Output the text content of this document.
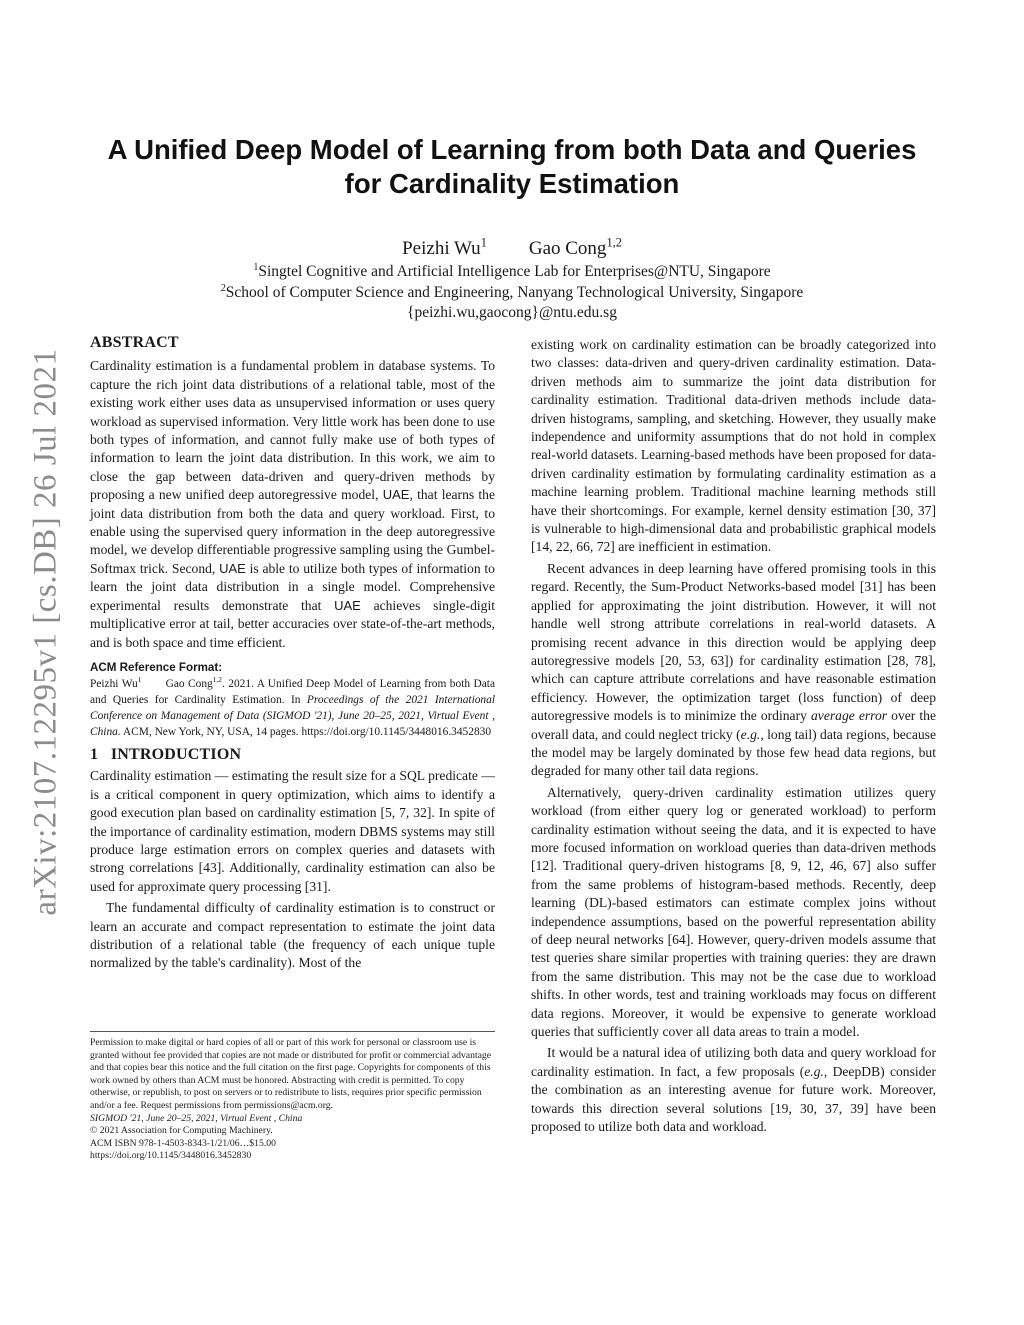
arXiv:2107.12295v1 [cs.DB] 26 Jul 2021
A Unified Deep Model of Learning from both Data and Queries
for Cardinality Estimation
Peizhi Wu$^1$ Gao Cong$^{1,2}$
$^1$Singtel Cognitive and Artificial Intelligence Lab for Enterprises@NTU, Singapore
$^2$School of Computer Science and Engineering, Nanyang Technological University, Singapore
{peizhi.wu,gaocong}@ntu.edu.sg

ABSTRACT

Cardinality estimation is a fundamental problem in database systems. To capture the rich joint data distributions of a relational table, most of the existing work either uses data as unsupervised information or uses query workload as supervised information. Very little work has been done to use both types of information, and cannot fully make use of both types of information to learn the joint data distribution. In this work, we aim to close the gap between data-driven and query-driven methods by proposing a new unified deep autoregressive model, UAE, that learns the joint data distribution from both the data and query workload. First, to enable using the supervised query information in the deep autoregressive model, we develop differentiable progressive sampling using the Gumbel-Softmax trick. Second, UAE is able to utilize both types of information to learn the joint data distribution in a single model. Comprehensive experimental results demonstrate that UAE achieves single-digit multiplicative error at tail, better accuracies over state-of-the-art methods, and is both space and time efficient.

ACM Reference Format:
Peizhi Wu$^1$ Gao Cong$^{1,2}$. 2021. A Unified Deep Model of Learning from both Data and Queries for Cardinality Estimation. In Proceedings of the 2021 International Conference on Management of Data (SIGMOD '21), June 20–25, 2021, Virtual Event , China. ACM, New York, NY, USA, 14 pages. https://doi.org/10.1145/3448016.3452830

1 INTRODUCTION

Cardinality estimation — estimating the result size for a SQL predicate — is a critical component in query optimization, which aims to identify a good execution plan based on cardinality estimation [5, 7, 32]. In spite of the importance of cardinality estimation, modern DBMS systems may still produce large estimation errors on complex queries and datasets with strong correlations [43]. Additionally, cardinality estimation can also be used for approximate query processing [31].

The fundamental difficulty of cardinality estimation is to construct or learn an accurate and compact representation to estimate the joint data distribution of a relational table (the frequency of each unique tuple normalized by the table's cardinality). Most of the

Permission to make digital or hard copies of all or part of this work for personal or classroom use is granted without fee provided that copies are not made or distributed for profit or commercial advantage and that copies bear this notice and the full citation on the first page. Copyrights for components of this work owned by others than ACM must be honored. Abstracting with credit is permitted. To copy otherwise, or republish, to post on servers or to redistribute to lists, requires prior specific permission and/or a fee. Request permissions from permissions@acm.org.

SIGMOD '21, June 20–25, 2021, Virtual Event , China

© 2021 Association for Computing Machinery.

ACM ISBN 978-1-4503-8343-1/21/06…$15.00

https://doi.org/10.1145/3448016.3452830

existing work on cardinality estimation can be broadly categorized into two classes: data-driven and query-driven cardinality estimation. Data-driven methods aim to summarize the joint data distribution for cardinality estimation. Traditional data-driven methods include data-driven histograms, sampling, and sketching. However, they usually make independence and uniformity assumptions that do not hold in complex real-world datasets. Learning-based methods have been proposed for data-driven cardinality estimation by formulating cardinality estimation as a machine learning problem. Traditional machine learning methods still have their shortcomings. For example, kernel density estimation [30, 37] is vulnerable to high-dimensional data and probabilistic graphical models [14, 22, 66, 72] are inefficient in estimation.

Recent advances in deep learning have offered promising tools in this regard. Recently, the Sum-Product Networks-based model [31] has been applied for approximating the joint distribution. However, it will not handle well strong attribute correlations in real-world datasets. A promising recent advance in this direction would be applying deep autoregressive models [20, 53, 63]) for cardinality estimation [28, 78], which can capture attribute correlations and have reasonable estimation efficiency. However, the optimization target (loss function) of deep autoregressive models is to minimize the ordinary average error over the overall data, and could neglect tricky (e.g., long tail) data regions, because the model may be largely dominated by those few head data regions, but degraded for many other tail data regions.

Alternatively, query-driven cardinality estimation utilizes query workload (from either query log or generated workload) to perform cardinality estimation without seeing the data, and it is expected to have more focused information on workload queries than data-driven methods [12]. Traditional query-driven histograms [8, 9, 12, 46, 67] also suffer from the same problems of histogram-based methods. Recently, deep learning (DL)-based estimators can estimate complex joins without independence assumptions, based on the powerful representation ability of deep neural networks [64]. However, query-driven models assume that test queries share similar properties with training queries: they are drawn from the same distribution. This may not be the case due to workload shifts. In other words, test and training workloads may focus on different data regions. Moreover, it would be expensive to generate workload queries that sufficiently cover all data areas to train a model.

It would be a natural idea of utilizing both data and query workload for cardinality estimation. In fact, a few proposals (e.g., DeepDB) consider the combination as an interesting avenue for future work. Moreover, towards this direction several solutions [19, 30, 37, 39] have been proposed to utilize both data and workload.
